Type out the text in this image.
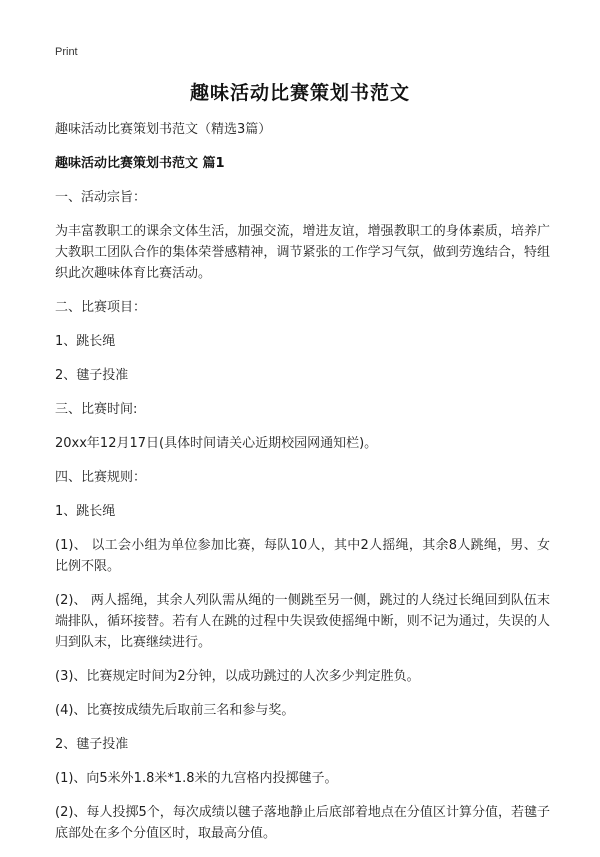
Print
趣味活动比赛策划书范文

趣味活动比赛策划书范文（精选3篇）

趣味活动比赛策划书范文 篇1

一、活动宗旨：

为丰富教职工的课余文体生活，加强交流，增进友谊，增强教职工的身体素质，培养广大教职工团队合作的集体荣誉感精神，调节紧张的工作学习气氛，做到劳逸结合，特组织此次趣味体育比赛活动。

二、比赛项目：

1、跳长绳

2、毽子投准

三、比赛时间:

20xx年12月17日(具体时间请关心近期校园网通知栏)。

四、比赛规则：

1、跳长绳

(1)、 以工会小组为单位参加比赛，每队10人，其中2人摇绳，其余8人跳绳，男、女比例不限。

(2)、 两人摇绳，其余人列队需从绳的一侧跳至另一侧，跳过的人绕过长绳回到队伍末端排队，循环接替。若有人在跳的过程中失误致使摇绳中断，则不记为通过，失误的人归到队末，比赛继续进行。

(3)、比赛规定时间为2分钟，以成功跳过的人次多少判定胜负。

(4)、比赛按成绩先后取前三名和参与奖。

2、毽子投准

(1)、向5米外1.8米*1.8米的九宫格内投掷毽子。

(2)、每人投掷5个，每次成绩以毽子落地静止后底部着地点在分值区计算分值，若毽子底部处在多个分值区时，取最高分值。
